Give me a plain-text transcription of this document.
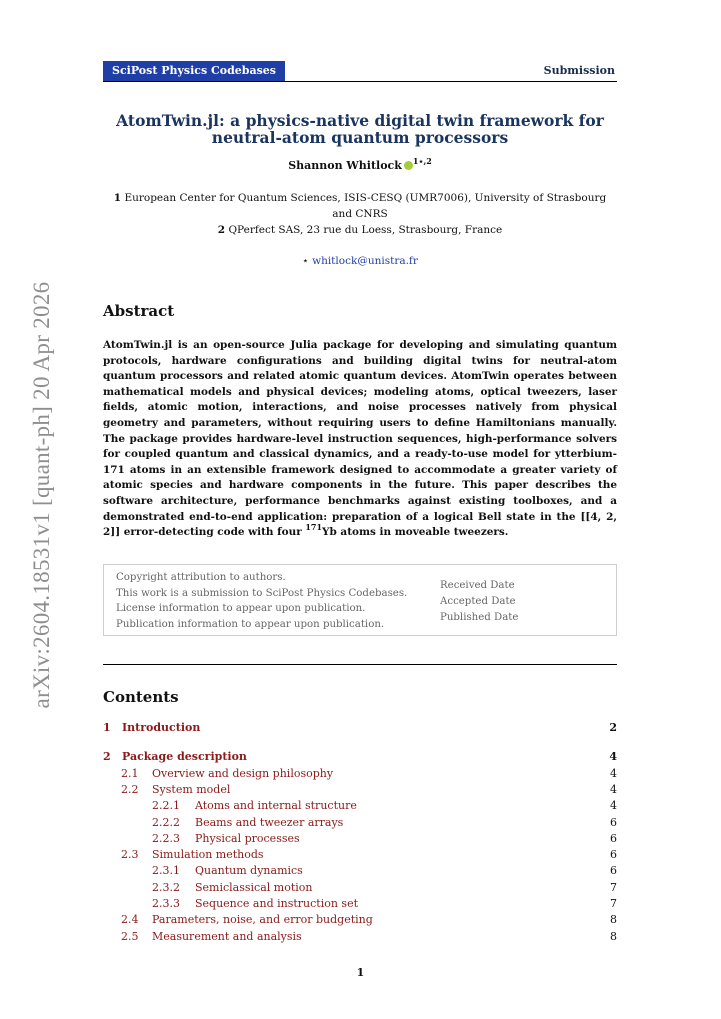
arXiv:2604.18531v1 [quant-ph] 20 Apr 2026
SciPost Physics Codebases	Submission
AtomTwin.jl: a physics-native digital twin framework for
neutral-atom quantum processors
Shannon Whitlock $^{1⋆,2}$
1 European Center for Quantum Sciences, ISIS-CESQ (UMR7006), University of Strasbourg
and CNRS
2 QPerfect SAS, 23 rue du Loess, Strasbourg, France
⋆ whitlock@unistra.fr
Abstract

AtomTwin.jl is an open-source Julia package for developing and simulating quantum protocols, hardware configurations and building digital twins for neutral-atom quantum processors and related atomic quantum devices. AtomTwin operates between mathematical models and physical devices; modeling atoms, optical tweezers, laser fields, atomic motion, interactions, and noise processes natively from physical geometry and parameters, without requiring users to define Hamiltonians manually. The package provides hardware-level instruction sequences, high-performance solvers for coupled quantum and classical dynamics, and a ready-to-use model for ytterbium-171 atoms in an extensible framework designed to accommodate a greater variety of atomic species and hardware components in the future. This paper describes the software architecture, performance benchmarks against existing toolboxes, and a demonstrated end-to-end application: preparation of a logical Bell state in the [[4, 2, 2]] error-detecting code with four $^{171}$Yb atoms in moveable tweezers.

Copyright attribution to authors.
This work is a submission to SciPost Physics Codebases.
License information to appear upon publication.
Publication information to appear upon publication.
Received Date
Accepted Date
Published Date
Contents
1 Introduction	2
2 Package description	4
2.1 Overview and design philosophy	4
2.2 System model	4
2.2.1 Atoms and internal structure	4
2.2.2 Beams and tweezer arrays	6
2.2.3 Physical processes	6
2.3 Simulation methods	6
2.3.1 Quantum dynamics	6
2.3.2 Semiclassical motion	7
2.3.3 Sequence and instruction set	7
2.4 Parameters, noise, and error budgeting	8
2.5 Measurement and analysis	8
1
